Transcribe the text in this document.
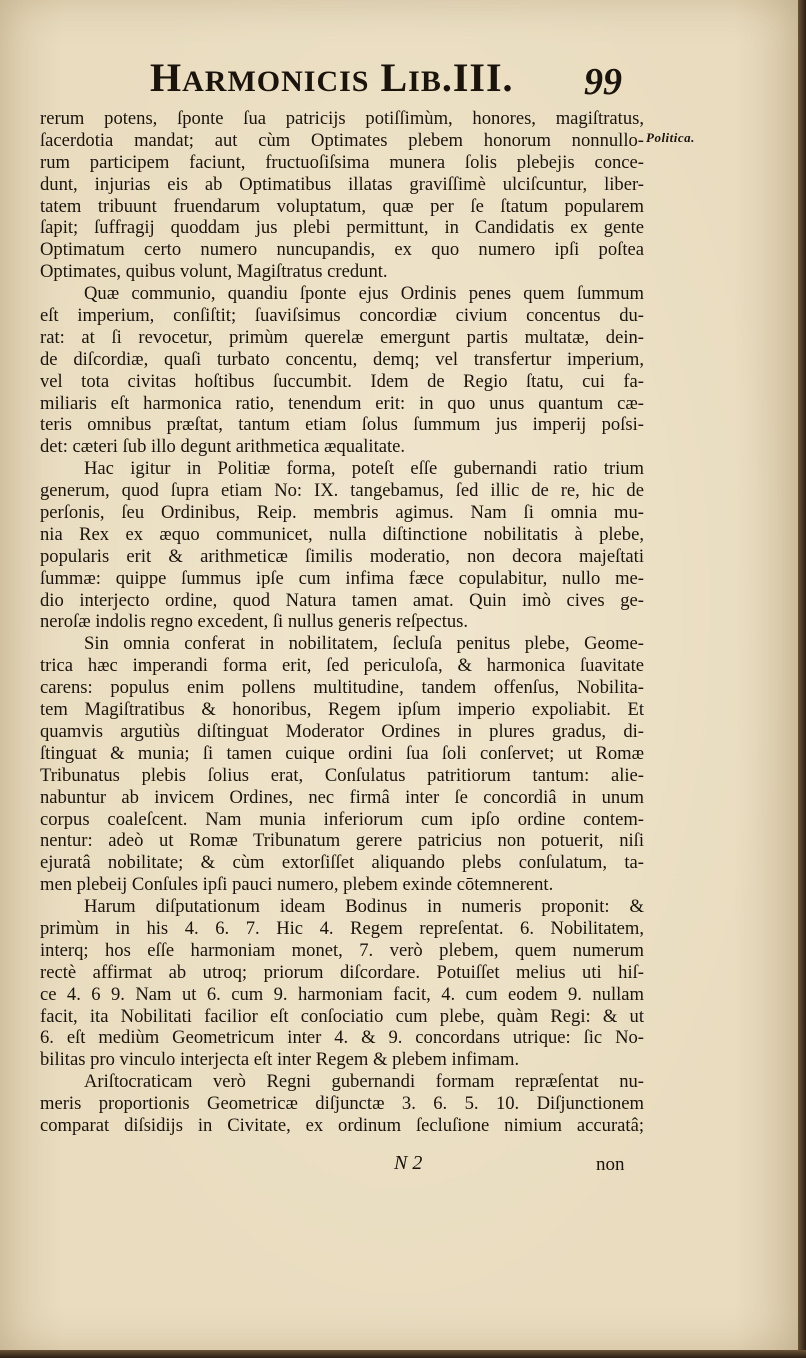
HARMONICIS LIB.III. 99
Politica.
rerum potens, ſponte ſua patricijs potiſſimùm, honores, magiſtratus,
ſacerdotia mandat; aut cùm Optimates plebem honorum nonnullo-
rum participem faciunt, fructuoſiſsima munera ſolis plebejis conce-
dunt, injurias eis ab Optimatibus illatas graviſſimè ulciſcuntur, liber-
tatem tribuunt fruendarum voluptatum, quæ per ſe ſtatum popularem
ſapit; ſuffragij quoddam jus plebi permittunt, in Candidatis ex gente
Optimatum certo numero nuncupandis, ex quo numero ipſi poſtea
Optimates, quibus volunt, Magiſtratus credunt.
Quæ communio, quandiu ſponte ejus Ordinis penes quem ſummum
eſt imperium, conſiſtit; ſuaviſsimus concordiæ civium concentus du-
rat: at ſi revocetur, primùm querelæ emergunt partis multatæ, dein-
de diſcordiæ, quaſi turbato concentu, demq; vel transfertur imperium,
vel tota civitas hoſtibus ſuccumbit. Idem de Regio ſtatu, cui fa-
miliaris eſt harmonica ratio, tenendum erit: in quo unus quantum cæ-
teris omnibus præſtat, tantum etiam ſolus ſummum jus imperij poſsi-
det: cæteri ſub illo degunt arithmetica æqualitate.
Hac igitur in Politiæ forma, poteſt eſſe gubernandi ratio trium
generum, quod ſupra etiam No: IX. tangebamus, ſed illic de re, hic de
perſonis, ſeu Ordinibus, Reip. membris agimus. Nam ſi omnia mu-
nia Rex ex æquo communicet, nulla diſtinctione nobilitatis à plebe,
popularis erit & arithmeticæ ſimilis moderatio, non decora majeſtati
ſummæ: quippe ſummus ipſe cum infima fæce copulabitur, nullo me-
dio interjecto ordine, quod Natura tamen amat. Quin imò cives ge-
neroſæ indolis regno excedent, ſi nullus generis reſpectus.
Sin omnia conferat in nobilitatem, ſecluſa penitus plebe, Geome-
trica hæc imperandi forma erit, ſed periculoſa, & harmonica ſuavitate
carens: populus enim pollens multitudine, tandem offenſus, Nobilita-
tem Magiſtratibus & honoribus, Regem ipſum imperio expoliabit. Et
quamvis argutiùs diſtinguat Moderator Ordines in plures gradus, di-
ſtinguat & munia; ſi tamen cuique ordini ſua ſoli conſervet; ut Romæ
Tribunatus plebis ſolius erat, Conſulatus patritiorum tantum: alie-
nabuntur ab invicem Ordines, nec firmâ inter ſe concordiâ in unum
corpus coaleſcent. Nam munia inferiorum cum ipſo ordine contem-
nentur: adeò ut Romæ Tribunatum gerere patricius non potuerit, niſi
ejuratâ nobilitate; & cùm extorſiſſet aliquando plebs conſulatum, ta-
men plebeij Conſules ipſi pauci numero, plebem exinde cōtemnerent.
Harum diſputationum ideam Bodinus in numeris proponit: &
primùm in his 4. 6. 7. Hic 4. Regem repreſentat. 6. Nobilitatem,
interq; hos eſſe harmoniam monet, 7. verò plebem, quem numerum
rectè affirmat ab utroq; priorum diſcordare. Potuiſſet melius uti hiſ-
ce 4. 6 9. Nam ut 6. cum 9. harmoniam facit, 4. cum eodem 9. nullam
facit, ita Nobilitati facilior eſt conſociatio cum plebe, quàm Regi: & ut
6. eſt mediùm Geometricum inter 4. & 9. concordans utrique: ſic No-
bilitas pro vinculo interjecta eſt inter Regem & plebem infimam.
Ariſtocraticam verò Regni gubernandi formam repræſentat nu-
meris proportionis Geometricæ diſjunctæ 3. 6. 5. 10. Diſjunctionem
comparat diſsidijs in Civitate, ex ordinum ſecluſione nimium accuratâ;
N 2	non
